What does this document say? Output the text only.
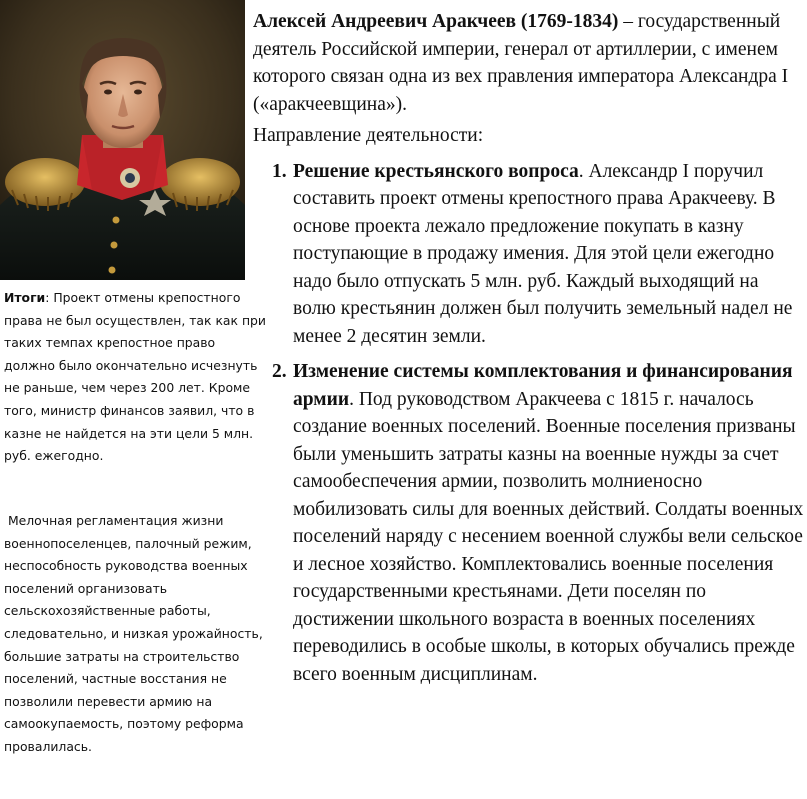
Итоги: Проект отмены крепостного права не был осуществлен, так как при таких темпах крепостное право должно было окончательно исчезнуть не раньше, чем через 200 лет. Кроме того, министр финансов заявил, что в казне не найдется на эти цели 5 млн. руб. ежегодно.
Мелочная регламентация жизни военнопоселенцев, палочный режим, неспособность руководства военных поселений организовать сельскохозяйственные работы, следовательно, и низкая урожайность, большие затраты на строительство поселений, частные восстания не позволили перевести армию на самоокупаемость, поэтому реформа провалилась.

Алексей Андреевич Аракчеев (1769-1834) – государственный деятель Российской империи, генерал от артиллерии, с именем которого связан одна из вех правления императора Александра I («аракчеевщина»).

Направление деятельности:

1. Решение крестьянского вопроса. Александр I поручил составить проект отмены крепостного права Аракчееву. В основе проекта лежало предложение покупать в казну поступающие в продажу имения. Для этой цели ежегодно надо было отпускать 5 млн. руб. Каждый выходящий на волю крестьянин должен был получить земельный надел не менее 2 десятин земли.
2. Изменение системы комплектования и финансирования армии. Под руководством Аракчеева с 1815 г. началось создание военных поселений. Военные поселения призваны были уменьшить затраты казны на военные нужды за счет самообеспечения армии, позволить молниеносно мобилизовать силы для военных действий. Солдаты военных поселений наряду с несением военной службы вели сельское и лесное хозяйство. Комплектовались военные поселения государственными крестьянами. Дети поселян по достижении школьного возраста в военных поселениях переводились в особые школы, в которых обучались прежде всего военным дисциплинам.
